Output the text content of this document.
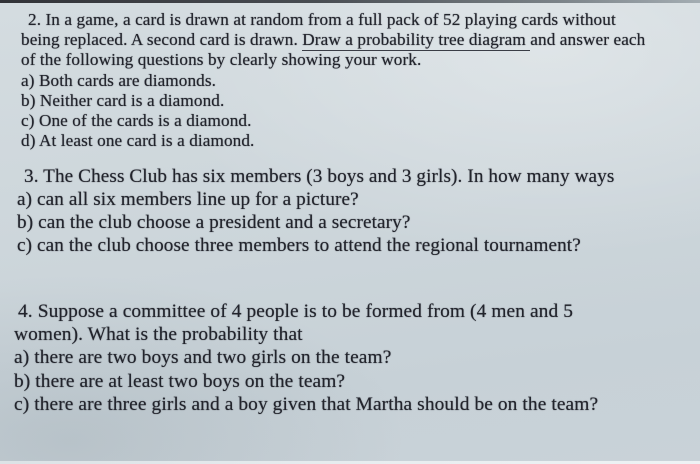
2. In a game, a card is drawn at random from a full pack of 52 playing cards without

being replaced. A second card is drawn. Draw a probability tree diagram and answer each

of the following questions by clearly showing your work.

a) Both cards are diamonds.

b) Neither card is a diamond.

c) One of the cards is a diamond.

d) At least one card is a diamond.

3. The Chess Club has six members (3 boys and 3 girls). In how many ways

a) can all six members line up for a picture?

b) can the club choose a president and a secretary?

c) can the club choose three members to attend the regional tournament?

4. Suppose a committee of 4 people is to be formed from (4 men and 5

women). What is the probability that

a) there are two boys and two girls on the team?

b) there are at least two boys on the team?

c) there are three girls and a boy given that Martha should be on the team?
